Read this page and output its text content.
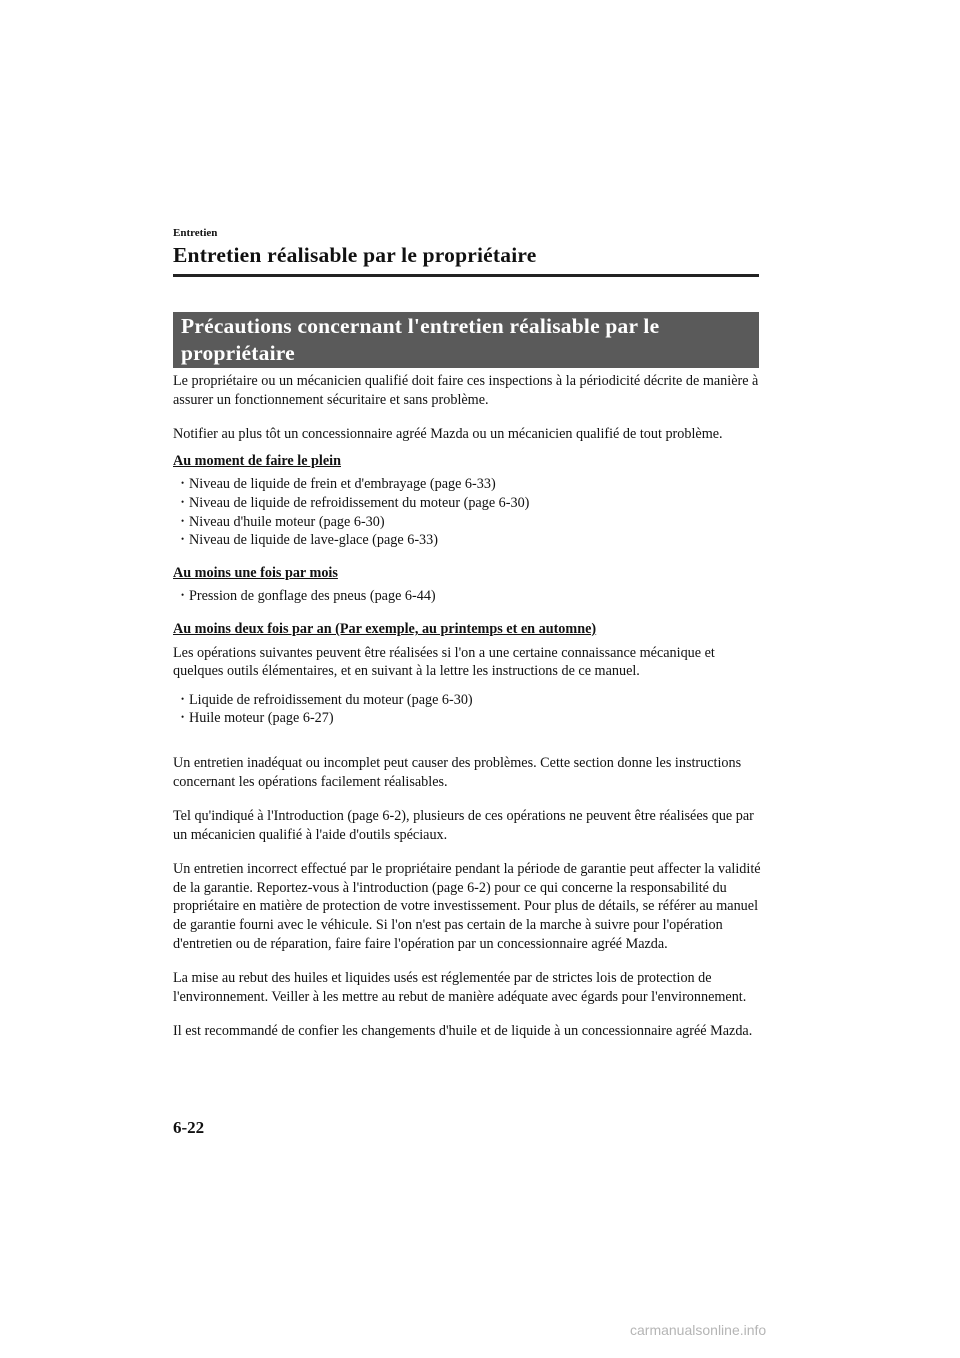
Entretien
Entretien réalisable par le propriétaire
Précautions concernant l'entretien réalisable par le
propriétaire

Le propriétaire ou un mécanicien qualifié doit faire ces inspections à la périodicité décrite de manière à assurer un fonctionnement sécuritaire et sans problème.

Notifier au plus tôt un concessionnaire agréé Mazda ou un mécanicien qualifié de tout problème.

Au moment de faire le plein
• Niveau de liquide de frein et d'embrayage (page 6-33)
• Niveau de liquide de refroidissement du moteur (page 6-30)
• Niveau d'huile moteur (page 6-30)
• Niveau de liquide de lave-glace (page 6-33)
Au moins une fois par mois
• Pression de gonflage des pneus (page 6-44)
Au moins deux fois par an (Par exemple, au printemps et en automne)

Les opérations suivantes peuvent être réalisées si l'on a une certaine connaissance mécanique et quelques outils élémentaires, et en suivant à la lettre les instructions de ce manuel.

• Liquide de refroidissement du moteur (page 6-30)
• Huile moteur (page 6-27)

Un entretien inadéquat ou incomplet peut causer des problèmes. Cette section donne les instructions concernant les opérations facilement réalisables.

Tel qu'indiqué à l'Introduction (page 6-2), plusieurs de ces opérations ne peuvent être réalisées que par un mécanicien qualifié à l'aide d'outils spéciaux.

Un entretien incorrect effectué par le propriétaire pendant la période de garantie peut affecter la validité de la garantie. Reportez-vous à l'introduction (page 6-2) pour ce qui concerne la responsabilité du propriétaire en matière de protection de votre investissement. Pour plus de détails, se référer au manuel de garantie fourni avec le véhicule. Si l'on n'est pas certain de la marche à suivre pour l'opération d'entretien ou de réparation, faire faire l'opération par un concessionnaire agréé Mazda.

La mise au rebut des huiles et liquides usés est réglementée par de strictes lois de protection de l'environnement. Veiller à les mettre au rebut de manière adéquate avec égards pour l'environnement.

Il est recommandé de confier les changements d'huile et de liquide à un concessionnaire agréé Mazda.

6-22
carmanualsonline.info
